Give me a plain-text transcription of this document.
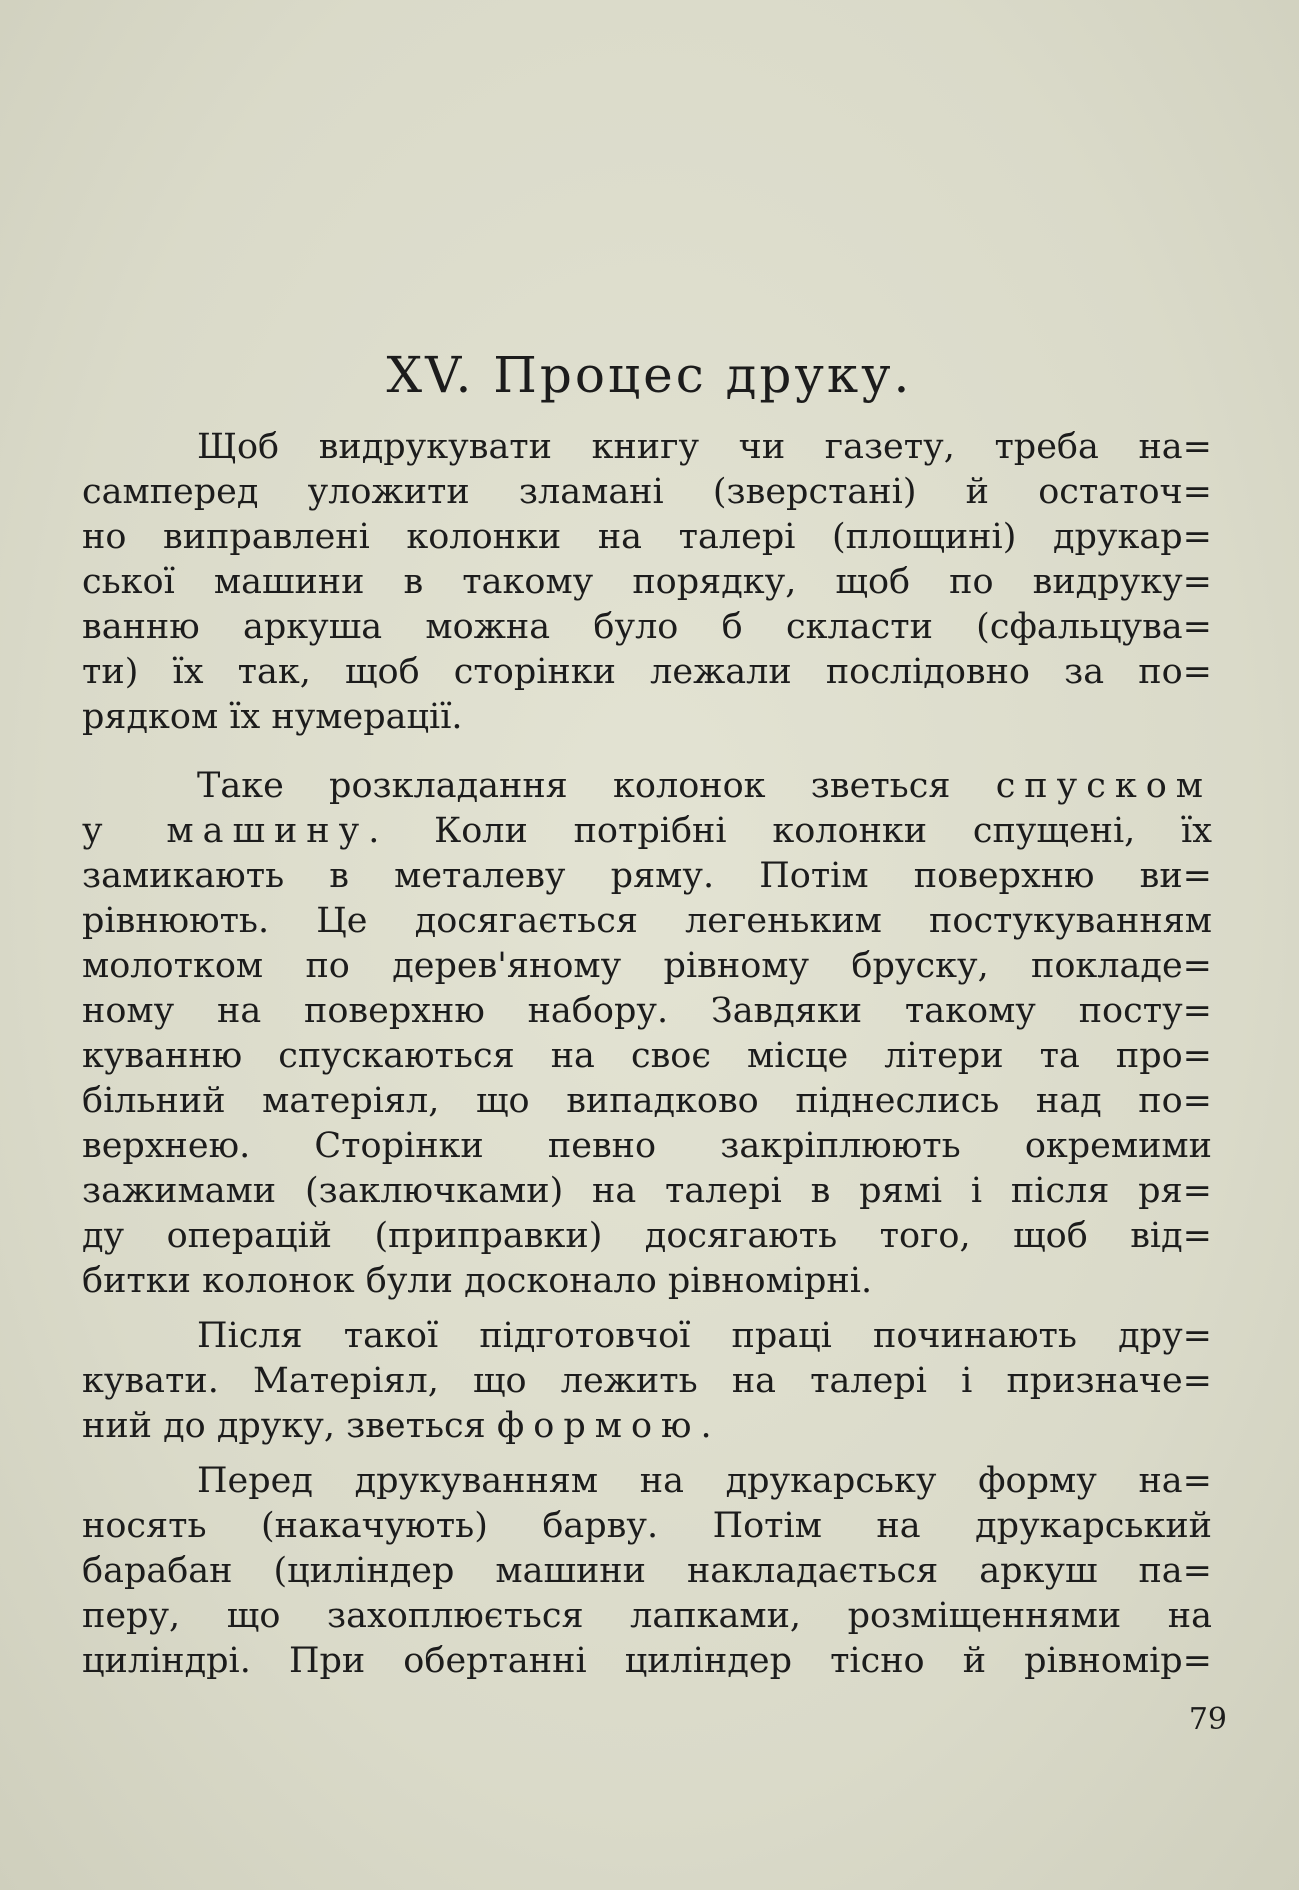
XV. Процес друку.

Щоб видрукувати книгу чи газету, треба на=
самперед уложити зламані (зверстані) й остаточ=
но виправлені колонки на талері (площині) друкар=
ської машини в такому порядку, щоб по видруку=
ванню аркуша можна було б скласти (сфальцува=
ти) їх так, щоб сторінки лежали послідовно за по=
рядком їх нумерації.

Таке розкладання колонок зветься спуском
у машину. Коли потрібні колонки спущені, їх
замикають в металеву ряму. Потім поверхню ви=
рівнюють. Це досягається легеньким постукуванням
молотком по дерев'яному рівному бруску, покладе=
ному на поверхню набору. Завдяки такому посту=
куванню спускаються на своє місце літери та про=
більний матеріял, що випадково піднеслись над по=
верхнею. Сторінки певно закріплюють окремими
зажимами (заключками) на талері в рямі і після ря=
ду операцій (приправки) досягають того, щоб від=
битки колонок були досконало рівномірні.

Після такої підготовчої праці починають дру=
кувати. Матеріял, що лежить на талері і призначе=
ний до друку, зветься формою.

Перед друкуванням на друкарську форму на=
носять (накачують) барву. Потім на друкарський
барабан (циліндер машини накладається аркуш па=
перу, що захоплюється лапками, розміщеннями на
циліндрі. При обертанні циліндер тісно й рівномір=

79
